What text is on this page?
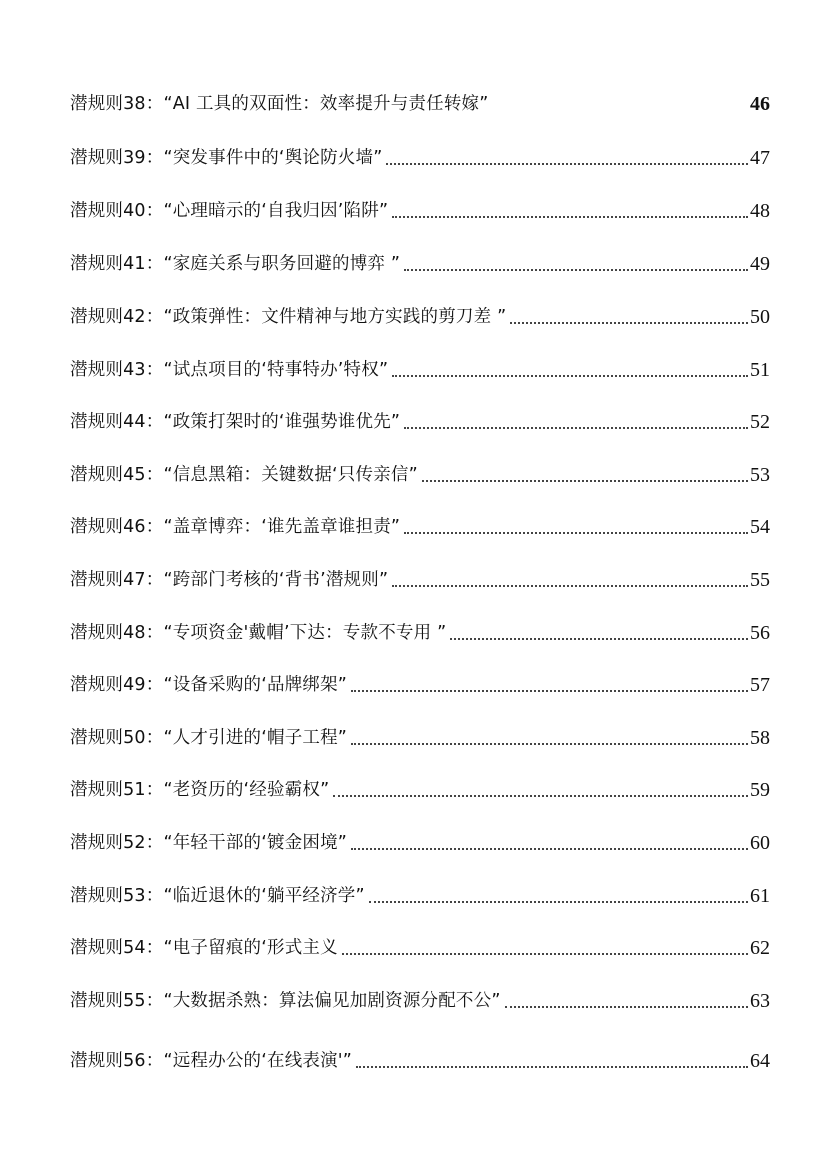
潜规则38：“AI 工具的双面性：效率提升与责任转嫁”	46
潜规则39：“突发事件中的‘舆论防火墙”	47
潜规则40：“心理暗示的‘自我归因’陷阱”	48
潜规则41：“家庭关系与职务回避的博弈 ”	49
潜规则42：“政策弹性：文件精神与地方实践的剪刀差 ”	50
潜规则43：“试点项目的‘特事特办’特权”	51
潜规则44：“政策打架时的‘谁强势谁优先”	52
潜规则45：“信息黑箱：关键数据‘只传亲信”	53
潜规则46：“盖章博弈：‘谁先盖章谁担责”	54
潜规则47：“跨部门考核的‘背书’潜规则”	55
潜规则48：“专项资金'戴帽’下达：专款不专用 ”	56
潜规则49：“设备采购的‘品牌绑架”	57
潜规则50：“人才引进的‘帽子工程”	58
潜规则51：“老资历的‘经验霸权”	59
潜规则52：“年轻干部的‘镀金困境”	60
潜规则53：“临近退休的‘躺平经济学”	61
潜规则54：“电子留痕的‘形式主义	62
潜规则55：“大数据杀熟：算法偏见加剧资源分配不公”	63
潜规则56：“远程办公的‘在线表演'”	64
